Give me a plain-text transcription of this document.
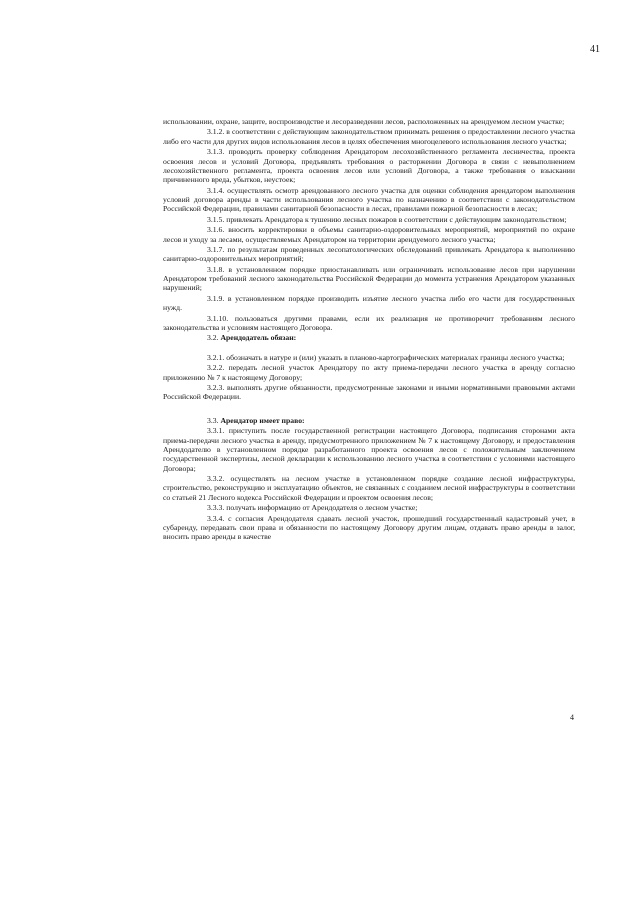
41

использовании, охране, защите, воспроизводстве и лесоразведении лесов, расположенных на арендуемом лесном участке;

3.1.2. в соответствии с действующим законодательством принимать решения о предоставлении лесного участка либо его части для других видов использования лесов в целях обеспечения многоцелевого использования лесного участка;

3.1.3. проводить проверку соблюдения Арендатором лесохозяйственного регламента лесничества, проекта освоения лесов и условий Договора, предъявлять требования о расторжении Договора в связи с невыполнением лесохозяйственного регламента, проекта освоения лесов или условий Договора, а также требования о взыскании причиненного вреда, убытков, неустоек;

3.1.4. осуществлять осмотр арендованного лесного участка для оценки соблюдения арендатором выполнения условий договора аренды в части использования лесного участка по назначению в соответствии с законодательством Российской Федерации, правилами санитарной безопасности в лесах, правилами пожарной безопасности в лесах;

3.1.5. привлекать Арендатора к тушению лесных пожаров в соответствии с действующим законодательством;

3.1.6. вносить корректировки в объемы санитарно-оздоровительных мероприятий, мероприятий по охране лесов и уходу за лесами, осуществляемых Арендатором на территории арендуемого лесного участка;

3.1.7. по результатам проведенных лесопатологических обследований привлекать Арендатора к выполнению санитарно-оздоровительных мероприятий;

3.1.8. в установленном порядке приостанавливать или ограничивать использование лесов при нарушении Арендатором требований лесного законодательства Российской Федерации до момента устранения Арендатором указанных нарушений;

3.1.9. в установленном порядке производить изъятие лесного участка либо его части для государственных нужд.

3.1.10. пользоваться другими правами, если их реализация не противоречит требованиям лесного законодательства и условиям настоящего Договора.

3.2. Арендодатель обязан:

3.2.1. обозначать в натуре и (или) указать в планово-картографических материалах границы лесного участка;

3.2.2. передать лесной участок Арендатору по акту приема-передачи лесного участка в аренду согласно приложению № 7 к настоящему Договору;

3.2.3. выполнять другие обязанности, предусмотренные законами и иными нормативными правовыми актами Российской Федерации.

3.3. Арендатор имеет право:

3.3.1. приступить после государственной регистрации настоящего Договора, подписания сторонами акта приема-передачи лесного участка в аренду, предусмотренного приложением № 7 к настоящему Договору, и предоставления Арендодателю в установленном порядке разработанного проекта освоения лесов с положительным заключением государственной экспертизы, лесной декларации к использованию лесного участка в соответствии с условиями настоящего Договора;

3.3.2. осуществлять на лесном участке в установленном порядке создание лесной инфраструктуры, строительство, реконструкцию и эксплуатацию объектов, не связанных с созданием лесной инфраструктуры в соответствии со статьей 21 Лесного кодекса Российской Федерации и проектом освоения лесов;

3.3.3. получать информацию от Арендодателя о лесном участке;

3.3.4. с согласия Арендодателя сдавать лесной участок, прошедший государственный кадастровый учет, в субаренду, передавать свои права и обязанности по настоящему Договору другим лицам, отдавать право аренды в залог, вносить право аренды в качестве

4
